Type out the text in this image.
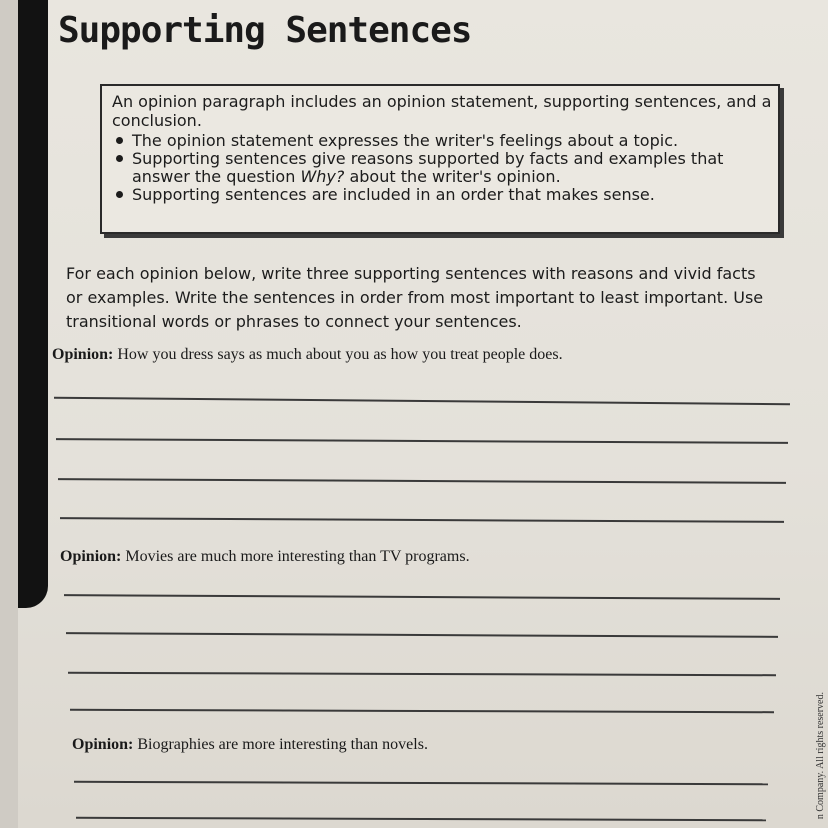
Supporting Sentences

An opinion paragraph includes an opinion statement, supporting sentences, and a conclusion.

The opinion statement expresses the writer's feelings about a topic.
Supporting sentences give reasons supported by facts and examples that answer the question Why? about the writer's opinion.
Supporting sentences are included in an order that makes sense.

For each opinion below, write three supporting sentences with reasons and vivid facts or examples. Write the sentences in order from most important to least important. Use transitional words or phrases to connect your sentences.

Opinion: How you dress says as much about you as how you treat people does.

Opinion: Movies are much more interesting than TV programs.

Opinion: Biographies are more interesting than novels.	n Company. All rights reserved.
